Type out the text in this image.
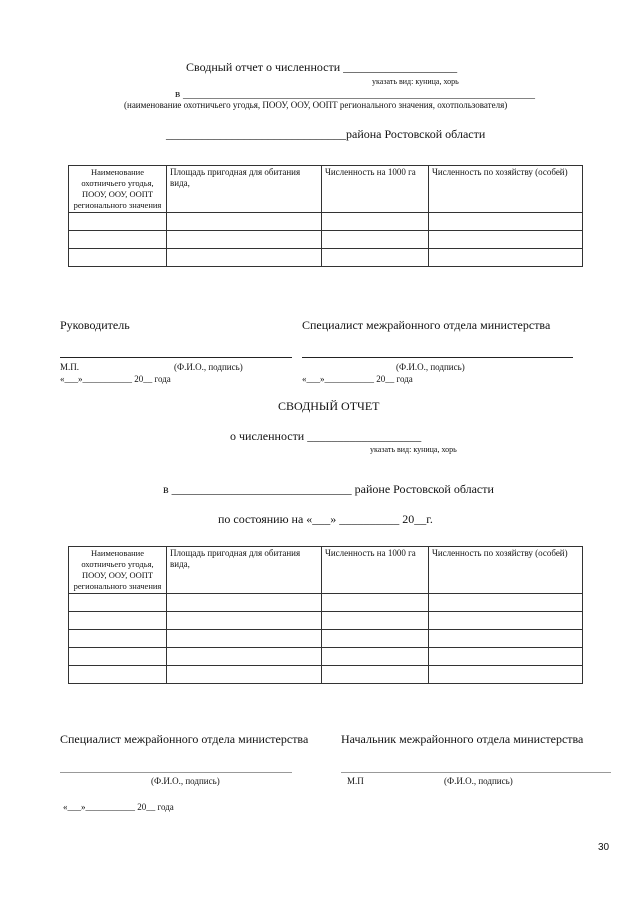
Сводный отчет о численности ___________________
указать вид: куница, хорь
в ________________________________________________________________
(наименование охотничьего угодья, ПООУ, ООУ, ООПТ регионального значения, охотпользователя)
______________________________района Ростовской области
Наименование охотничьего угодья, ПООУ, ООУ, ООПТ регионального значения	Площадь пригодная для обитания вида,	Численность на 1000 га	Численность по хозяйству (особей)

Руководитель	Специалист межрайонного отдела министерства
М.П.	(Ф.И.О., подпись)	(Ф.И.О., подпись)
«___»___________ 20__ года	«___»___________ 20__ года
СВОДНЫЙ ОТЧЕТ
о численности ___________________
указать вид: куница, хорь
в ______________________________ районе Ростовской области
по состоянию на «___» __________ 20__г.
Наименование охотничьего угодья, ПООУ, ООУ, ООПТ регионального значения	Площадь пригодная для обитания вида,	Численность на 1000 га	Численность по хозяйству (особей)

Специалист межрайонного отдела министерства	Начальник межрайонного отдела министерства
(Ф.И.О., подпись)	М.П	(Ф.И.О., подпись)
«___»___________ 20__ года
30
